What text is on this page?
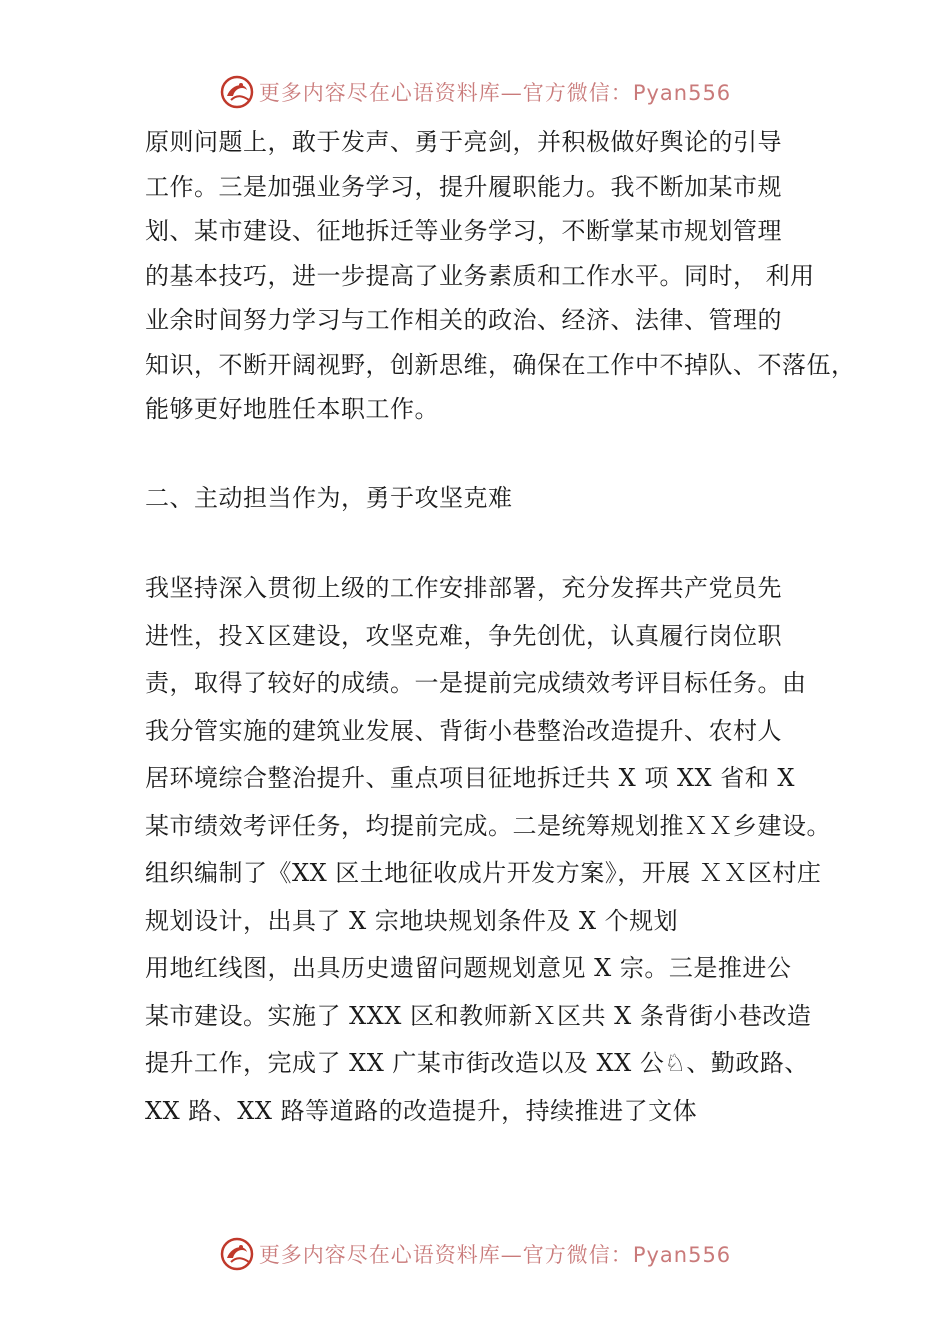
更多内容尽在心语资料库—官方微信：Pyan556
原则问题上，敢于发声、勇于亮剑，并积极做好舆论的引导
工作。三是加强业务学习，提升履职能力。我不断加某市规
划、某市建设、征地拆迁等业务学习，不断掌某市规划管理
的基本技巧，进一步提高了业务素质和工作水平。同时， 利用
业余时间努力学习与工作相关的政治、经济、法律、管理的
知识，不断开阔视野，创新思维，确保在工作中不掉队、不落伍，
能够更好地胜任本职工作。
二、主动担当作为，勇于攻坚克难
我坚持深入贯彻上级的工作安排部署，充分发挥共产党员先
进性，投Ｘ区建设，攻坚克难，争先创优，认真履行岗位职
责，取得了较好的成绩。一是提前完成绩效考评目标任务。由
我分管实施的建筑业发展、背街小巷整治改造提升、农村人
居环境综合整治提升、重点项目征地拆迁共 X 项 XX 省和 X
某市绩效考评任务，均提前完成。二是统筹规划推ＸＸ乡建设。
组织编制了《XX 区土地征收成片开发方案》，开展 ＸＸ区村庄
规划设计，出具了 X 宗地块规划条件及 X 个规划
用地红线图，出具历史遗留问题规划意见 X 宗。三是推进公
某市建设。实施了 XXX 区和教师新Ｘ区共 X 条背街小巷改造
提升工作，完成了 XX 广某市街改造以及 XX 公♘、勤政路、
XX 路、XX 路等道路的改造提升，持续推进了文体
更多内容尽在心语资料库—官方微信：Pyan556
